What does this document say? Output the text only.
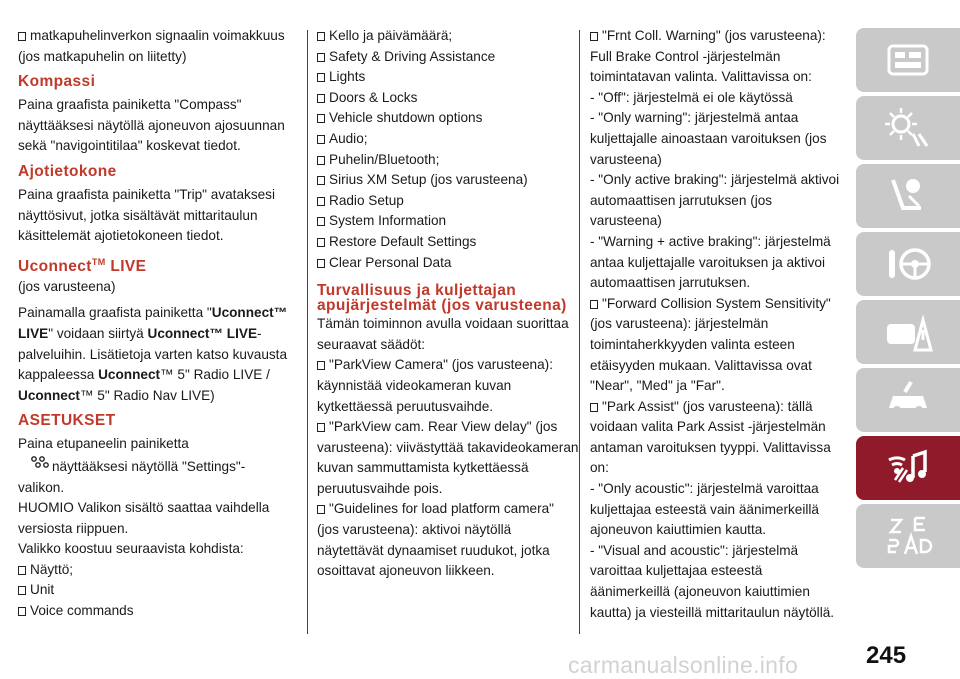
matkapuhelinverkon signaalin voimakkuus (jos matkapuhelin on liitetty)

Kompassi

Paina graafista painiketta "Compass" näyttääksesi näytöllä ajoneuvon ajosuunnan sekä "navigointitilaa" koskevat tiedot.

Ajotietokone

Paina graafista painiketta "Trip" avataksesi näyttösivut, jotka sisältävät mittaritaulun käsittelemät ajotietokoneen tiedot.

Uconnect™ LIVE

(jos varusteena)

Painamalla graafista painiketta "Uconnect™ LIVE" voidaan siirtyä Uconnect™ LIVE-palveluihin. Lisätietoja varten katso kuvausta kappaleessa Uconnect™ 5" Radio LIVE / Uconnect™ 5" Radio Nav LIVE)

ASETUKSET

Paina etupaneelin painiketta
näyttääksesi näytöllä "Settings"-valikon.

HUOMIO Valikon sisältö saattaa vaihdella versiosta riippuen.

Valikko koostuu seuraavista kohdista:

Näyttö;

Unit

Voice commands

Kello ja päivämäärä;

Safety & Driving Assistance

Lights

Doors & Locks

Vehicle shutdown options

Audio;

Puhelin/Bluetooth;

Sirius XM Setup (jos varusteena)

Radio Setup

System Information

Restore Default Settings

Clear Personal Data

Turvallisuus ja kuljettajan apujärjestelmät (jos varusteena)

Tämän toiminnon avulla voidaan suorittaa seuraavat säädöt:

"ParkView Camera" (jos varusteena): käynnistää videokameran kuvan kytkettäessä peruutusvaihde.

"ParkView cam. Rear View delay" (jos varusteena): viivästyttää takavideokameran kuvan sammuttamista kytkettäessä peruutusvaihde pois.

"Guidelines for load platform camera" (jos varusteena): aktivoi näytöllä näytettävät dynaamiset ruudukot, jotka osoittavat ajoneuvon liikkeen.

"Frnt Coll. Warning" (jos varusteena): Full Brake Control -järjestelmän toimintatavan valinta. Valittavissa on:
- "Off": järjestelmä ei ole käytössä
- "Only warning": järjestelmä antaa kuljettajalle ainoastaan varoituksen (jos varusteena)
- "Only active braking": järjestelmä aktivoi automaattisen jarrutuksen (jos varusteena)
- "Warning + active braking": järjestelmä antaa kuljettajalle varoituksen ja aktivoi automaattisen jarrutuksen.

"Forward Collision System Sensitivity" (jos varusteena): järjestelmän toimintaherkkyyden valinta esteen etäisyyden mukaan. Valittavissa ovat "Near", "Med" ja "Far".

"Park Assist" (jos varusteena): tällä voidaan valita Park Assist -järjestelmän antaman varoituksen tyyppi. Valittavissa on:
- "Only acoustic": järjestelmä varoittaa kuljettajaa esteestä vain äänimerkeillä ajoneuvon kaiuttimien kautta.
- "Visual and acoustic": järjestelmä varoittaa kuljettajaa esteestä äänimerkeillä (ajoneuvon kaiuttimien kautta) ja viesteillä mittaritaulun näytöllä.

245
carmanualsonline.info
